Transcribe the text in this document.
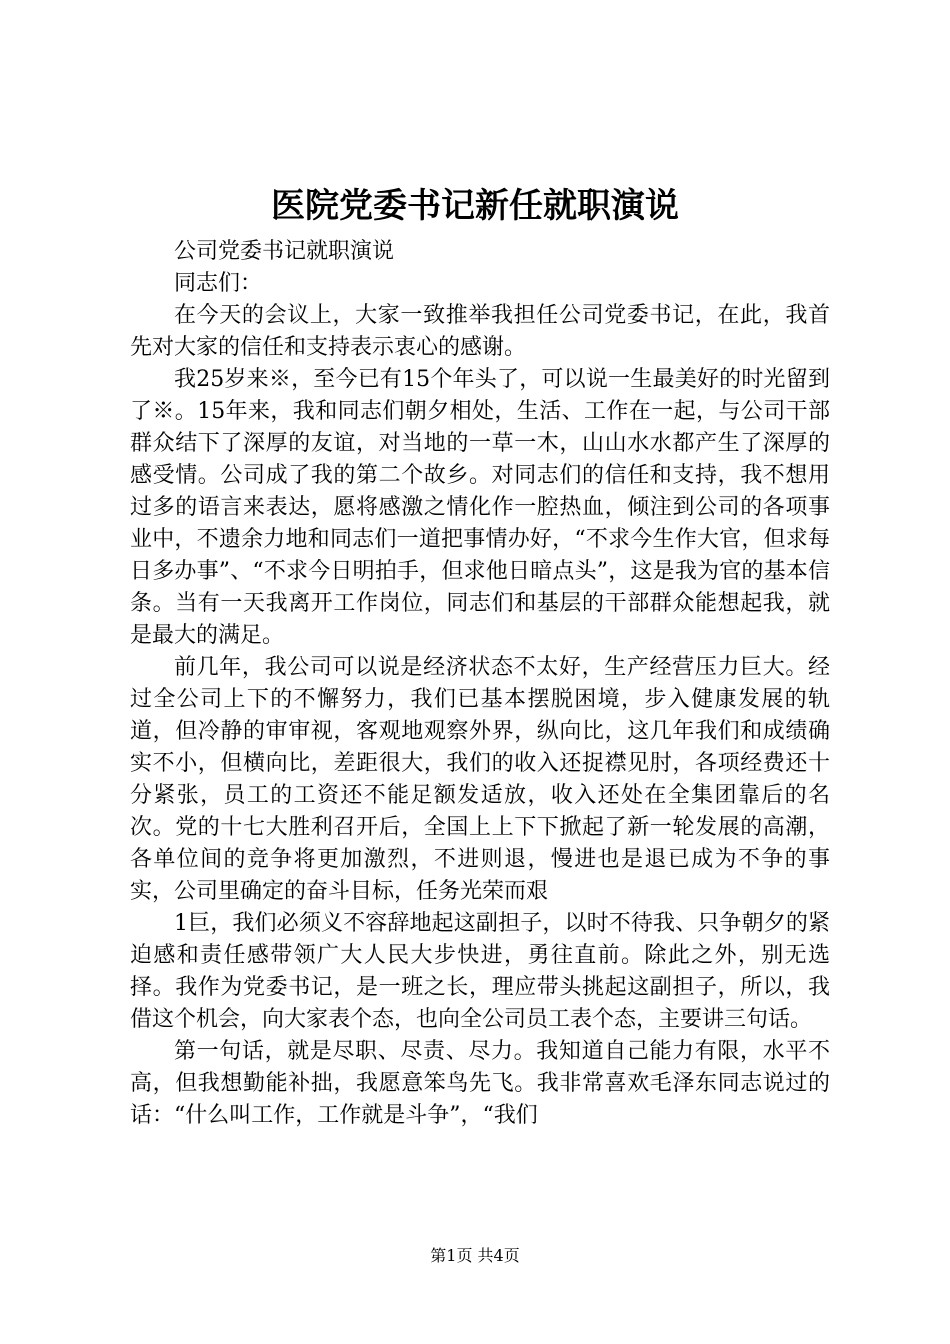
医院党委书记新任就职演说

公司党委书记就职演说

同志们：

在今天的会议上，大家一致推举我担任公司党委书记，在此，我首先对大家的信任和支持表示衷心的感谢。

我25岁来※，至今已有15个年头了，可以说一生最美好的时光留到了※。15年来，我和同志们朝夕相处，生活、工作在一起，与公司干部群众结下了深厚的友谊，对当地的一草一木，山山水水都产生了深厚的感受情。公司成了我的第二个故乡。对同志们的信任和支持，我不想用过多的语言来表达，愿将感激之情化作一腔热血，倾注到公司的各项事业中，不遗余力地和同志们一道把事情办好，“不求今生作大官，但求每日多办事”、“不求今日明拍手，但求他日暗点头”，这是我为官的基本信条。当有一天我离开工作岗位，同志们和基层的干部群众能想起我，就是最大的满足。

前几年，我公司可以说是经济状态不太好，生产经营压力巨大。经过全公司上下的不懈努力，我们已基本摆脱困境，步入健康发展的轨道，但冷静的审审视，客观地观察外界，纵向比，这几年我们和成绩确实不小，但横向比，差距很大，我们的收入还捉襟见肘，各项经费还十分紧张，员工的工资还不能足额发适放，收入还处在全集团靠后的名次。党的十七大胜利召开后，全国上上下下掀起了新一轮发展的高潮，各单位间的竞争将更加激烈，不进则退，慢进也是退已成为不争的事实，公司里确定的奋斗目标，任务光荣而艰

1巨，我们必须义不容辞地起这副担子，以时不待我、只争朝夕的紧迫感和责任感带领广大人民大步快进，勇往直前。除此之外，别无选择。我作为党委书记，是一班之长，理应带头挑起这副担子，所以，我借这个机会，向大家表个态，也向全公司员工表个态，主要讲三句话。

第一句话，就是尽职、尽责、尽力。我知道自己能力有限，水平不高，但我想勤能补拙，我愿意笨鸟先飞。我非常喜欢毛泽东同志说过的话：“什么叫工作，工作就是斗争”，“我们

第1页 共4页
